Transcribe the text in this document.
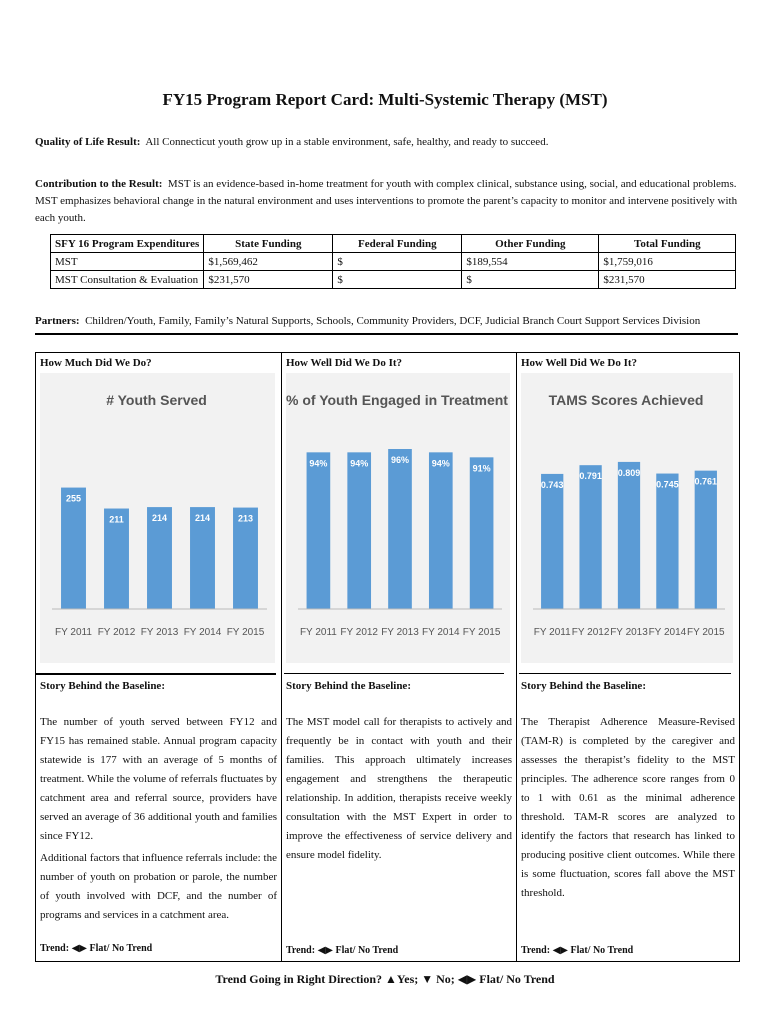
FY15 Program Report Card: Multi-Systemic Therapy (MST)
Quality of Life Result: All Connecticut youth grow up in a stable environment, safe, healthy, and ready to succeed.
Contribution to the Result: MST is an evidence-based in-home treatment for youth with complex clinical, substance using, social, and educational problems. MST emphasizes behavioral change in the natural environment and uses interventions to promote the parent’s capacity to monitor and intervene positively with each youth.
SFY 16 Program Expenditures	State Funding	Federal Funding	Other Funding	Total Funding
MST	$1,569,462	$	$189,554	$1,759,016
MST Consultation & Evaluation	$231,570	$	$	$231,570
Partners: Children/Youth, Family, Family’s Natural Supports, Schools, Community Providers, DCF, Judicial Branch Court Support Services Division
How Much Did We Do?
# Youth Served
255
FY 2011
211
FY 2012
214
FY 2013
214
FY 2014
213
FY 2015
Story Behind the Baseline:
The number of youth served between FY12 and FY15 has remained stable. Annual program capacity statewide is 177 with an average of 5 months of treatment. While the volume of referrals fluctuates by catchment area and referral source, providers have served an average of 36 additional youth and families since FY12.
Additional factors that influence referrals include: the number of youth on probation or parole, the number of youth involved with DCF, and the number of programs and services in a catchment area.
Trend: ◀▶ Flat/ No Trend
How Well Did We Do It?
% of Youth Engaged in Treatment
94%
FY 2011
94%
FY 2012
96%
FY 2013
94%
FY 2014
91%
FY 2015
Story Behind the Baseline:
The MST model call for therapists to actively and frequently be in contact with youth and their families. This approach ultimately increases engagement and strengthens the therapeutic relationship. In addition, therapists receive weekly consultation with the MST Expert in order to improve the effectiveness of service delivery and ensure model fidelity.
Trend: ◀▶ Flat/ No Trend
How Well Did We Do It?
TAMS Scores Achieved
0.743
FY 2011
0.791
FY 2012
0.809
FY 2013
0.745
FY 2014
0.761
FY 2015
Story Behind the Baseline:
The Therapist Adherence Measure-Revised (TAM-R) is completed by the caregiver and assesses the therapist’s fidelity to the MST principles. The adherence score ranges from 0 to 1 with 0.61 as the minimal adherence threshold. TAM-R scores are analyzed to identify the factors that research has linked to producing positive client outcomes. While there is some fluctuation, scores fall above the MST threshold.
Trend: ◀▶ Flat/ No Trend
Trend Going in Right Direction? ▲Yes; ▼ No; ◀▶ Flat/ No Trend
